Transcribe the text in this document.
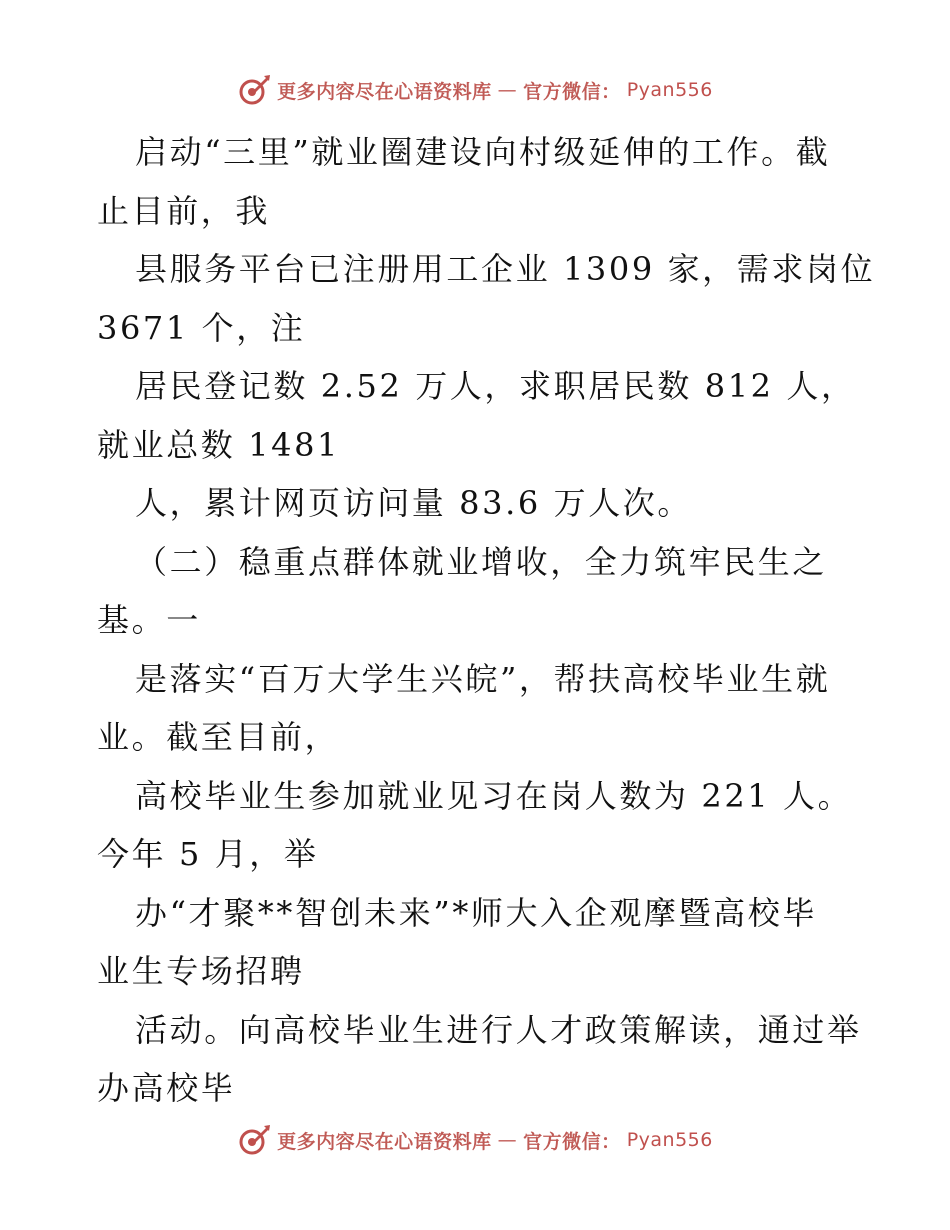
更多内容尽在心语资料库 — 官方微信： Pyan556
启动“三里”就业圈建设向村级延伸的工作。截
止目前，我
县服务平台已注册用工企业 1309 家，需求岗位
3671 个，注
居民登记数 2.52 万人，求职居民数 812 人，
就业总数 1481
人，累计网页访问量 83.6 万人次。
（二）稳重点群体就业增收，全力筑牢民生之
基。一
是落实“百万大学生兴皖”，帮扶高校毕业生就
业。截至目前，
高校毕业生参加就业见习在岗人数为 221 人。
今年 5 月，举
办“才聚**智创未来”*师大入企观摩暨高校毕
业生专场招聘
活动。向高校毕业生进行人才政策解读，通过举
办高校毕
更多内容尽在心语资料库 — 官方微信： Pyan556
